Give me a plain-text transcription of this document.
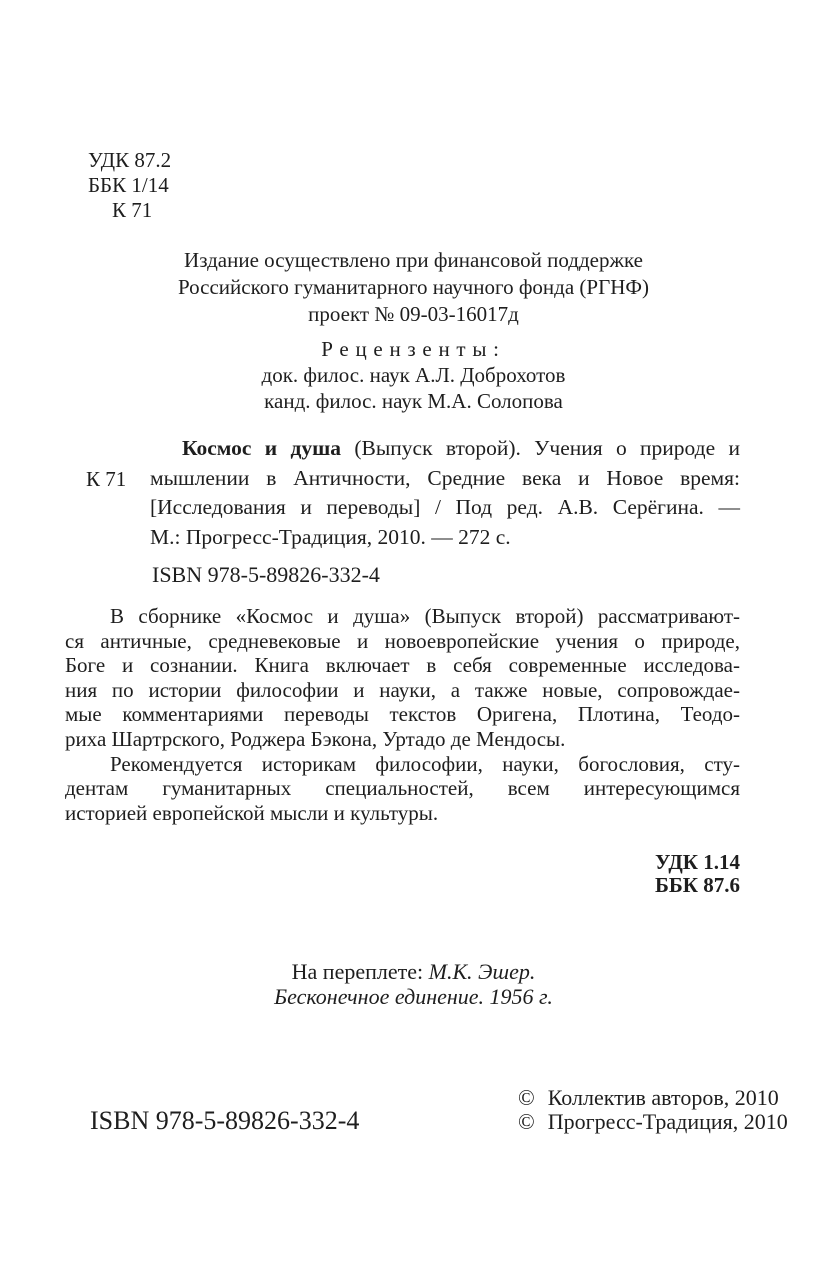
УДК 87.2
ББК 1/14
К 71
Издание осуществлено при финансовой поддержке
Российского гуманитарного научного фонда (РГНФ)
проект № 09-03-16017д
Рецензенты:
док. филос. наук А.Л. Доброхотов
канд. филос. наук М.А. Солопова
К 71
Космос и душа (Выпуск второй). Учения о природе и
мышлении в Античности, Средние века и Новое время:
[Исследования и переводы] / Под ред. А.В. Серёгина. —
М.: Прогресс-Традиция, 2010. — 272 с.
ISBN 978-5-89826-332-4
В сборнике «Космос и душа» (Выпуск второй) рассматривают-
ся античные, средневековые и новоевропейские учения о природе,
Боге и сознании. Книга включает в себя современные исследова-
ния по истории философии и науки, а также новые, сопровождае-
мые комментариями переводы текстов Оригена, Плотина, Теодо-
риха Шартрского, Роджера Бэкона, Уртадо де Мендосы.
Рекомендуется историкам философии, науки, богословия, сту-
дентам гуманитарных специальностей, всем интересующимся
историей европейской мысли и культуры.
УДК 1.14
ББК 87.6
На переплете: М.К. Эшер.
Бесконечное единение. 1956 г.
ISBN 978-5-89826-332-4
© Коллектив авторов, 2010
© Прогресс-Традиция, 2010
